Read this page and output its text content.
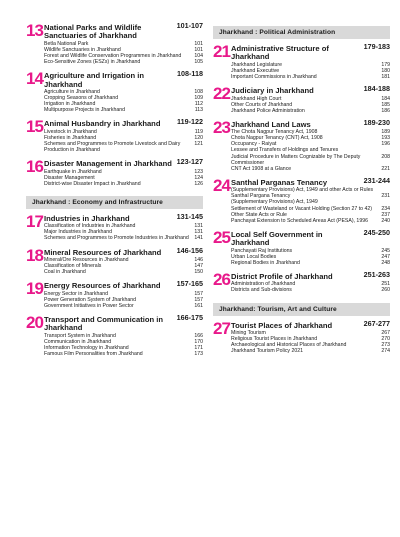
13 National Parks and Wildlife Sanctuaries of Jharkhand
101-107
Betla National Park	101
Wildlife Sanctuaries in Jharkhand	101
Forest and Wildlife Conservation Programmes in Jharkhand	104
Eco-Sensitive Zones (ESZs) in Jharkhand	105
14 Agriculture and Irrigation in Jharkhand
108-118
Agriculture in Jharkhand	108
Cropping Seasons of Jharkhand	109
Irrigation in Jharkhand	112
Multipurpose Projects in Jharkhand	113
15 Animal Husbandry in Jharkhand 119-122
Livestock in Jharkhand	119
Fisheries in Jharkhand	120
Schemes and Programmes to Promote Livestock and Dairy Production in Jharkhand
121
16 Disaster Management in Jharkhand 123-127
Earthquake in Jharkhand	123
Disaster Management	124
District-wise Disaster Impact in Jharkhand	126
Jharkhand : Economy and Infrastructure
17 Industries in Jharkhand	131-145
Classification of Industries in Jharkhand	131
Major Industries in Jharkhand	131
Schemes and Programmes to Promote Industries in Jharkhand	141
18 Mineral Resources of Jharkhand 146-156
Mineral/Ore Resources in Jharkhand	146
Classification of Minerals	147
Coal in Jharkhand	150
19 Energy Resources of Jharkhand 157-165
Energy Sector in Jharkhand	157
Power Generation System of Jharkhand	157
Government Initiatives in Power Sector	161
20 Transport and Communication in Jharkhand
166-175
Transport System in Jharkhand	166
Communication in Jharkhand	170
Information Technology in Jharkhand	171
Famous Film Personalities from Jharkhand	173
Jharkhand : Political Administration
21 Administrative Structure of Jharkhand
179-183
Jharkhand Legislature	179
Jharkhand Executive	180
Important Commissions in Jharkhand	181
22 Judiciary in Jharkhand	184-188
Jharkhand High Court	184
Other Courts of Jharkhand	185
Jharkhand Police Administration	186
23 Jharkhand Land Laws	189-230
The Chota Nagpur Tenancy Act, 1908	189
Chota Nagpur Tenancy (CNT) Act, 1908	193
Occupancy - Raiyat	196
Lessee and Transfers of Holdings and Tenures
Judicial Procedure in Matters Cognizable by The Deputy Commissioner
208
CNT Act 1908 at a Glance	221
24 Santhal Parganas Tenancy	231-244
(Supplementary Provisions) Act, 1949 and other Acts or Rules
Santhal Pargana Tenancy	231
(Supplementary Provisions) Act, 1949
Settlement of Wasteland or Vacant Holding (Section 27 to 42)	234
Other State Acts or Rule	237
Panchayat Extension to Scheduled Areas Act (PESA), 1996	240
25 Local Self Government in Jharkhand
245-250
Panchayati Raj Institutions	245
Urban Local Bodies	247
Regional Bodies in Jharkhand	248
26 District Profile of Jharkhand	251-263
Administration of Jharkhand	251
Districts and Sub-divisions	260
Jharkhand: Tourism, Art and Culture
27 Tourist Places of Jharkhand	267-277
Mining Tourism	267
Religious Tourist Places in Jharkhand	270
Archaeological and Historical Places of Jharkhand	273
Jharkhand Tourism Policy 2021	274
